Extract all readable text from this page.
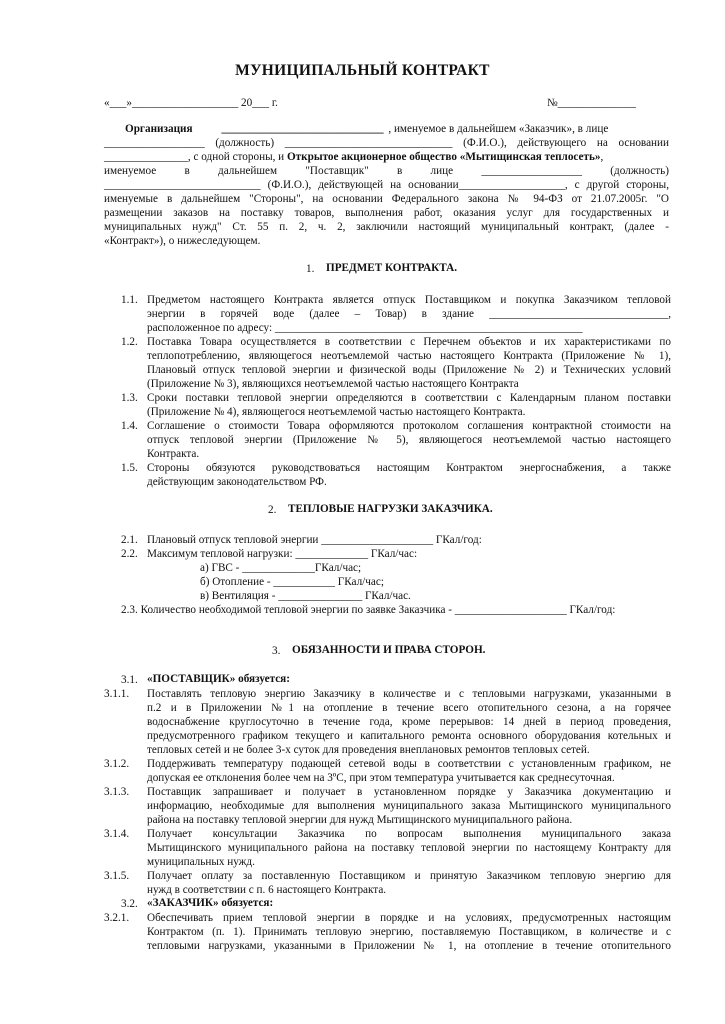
МУНИЦИПАЛЬНЫЙ КОНТРАКТ
«___»___________________ 20___ г.	№______________
Организация	_____________________________ , именуемое в дальнейшем «Заказчик», в лице
__________________ (должность) ______________________________ (Ф.И.О.), действующего на основании
_______________, с одной стороны, и Открытое акционерное общество «Мытищинская теплосеть»,
именуемое в дальнейшем "Поставщик" в лице __________________ (должность)
____________________________ (Ф.И.О.), действующей на основании___________________, с другой стороны,
именуемые в дальнейшем "Стороны", на основании Федерального закона № 94-ФЗ от 21.07.2005г. "О
размещении заказов на поставку товаров, выполнения работ, оказания услуг для государственных и
муниципальных нужд" Ст. 55 п. 2, ч. 2, заключили настоящий муниципальный контракт, (далее -
«Контракт»), о нижеследующем.
1. ПРЕДМЕТ КОНТРАКТА.
1.1. Предметом настоящего Контракта является отпуск Поставщиком и покупка Заказчиком тепловой
энергии в горячей воде (далее – Товар) в здание ________________________________,
расположенное по адресу: _______________________________________________________
1.2. Поставка Товара осуществляется в соответствии с Перечнем объектов и их характеристиками по
теплопотреблению, являющегося неотъемлемой частью настоящего Контракта (Приложение № 1),
Плановый отпуск тепловой энергии и физической воды (Приложение № 2) и Технических условий
(Приложение № 3), являющихся неотъемлемой частью настоящего Контракта
1.3. Сроки поставки тепловой энергии определяются в соответствии с Календарным планом поставки
(Приложение № 4), являющегося неотъемлемой частью настоящего Контракта.
1.4. Соглашение о стоимости Товара оформляются протоколом соглашения контрактной стоимости на
отпуск тепловой энергии (Приложение № 5), являющегося неотъемлемой частью настоящего
Контракта.
1.5. Стороны обязуются руководствоваться настоящим Контрактом энергоснабжения, а также
действующим законодательством РФ.
2. ТЕПЛОВЫЕ НАГРУЗКИ ЗАКАЗЧИКА.
2.1. Плановый отпуск тепловой энергии ____________________ ГКал/год:
2.2. Максимум тепловой нагрузки: _____________ ГКал/час:
а) ГВС - _____________ГКал/час;
б) Отопление - ___________ ГКал/час;
в) Вентиляция - _______________ ГКал/час.
2.3. Количество необходимой тепловой энергии по заявке Заказчика - ____________________ ГКал/год:
3. ОБЯЗАННОСТИ И ПРАВА СТОРОН.
3.1. «ПОСТАВЩИК» обязуется:
3.1.1. Поставлять тепловую энергию Заказчику в количестве и с тепловыми нагрузками, указанными в
п.2 и в Приложении №1 на отопление в течение всего отопительного сезона, а на горячее
водоснабжение круглосуточно в течение года, кроме перерывов: 14 дней в период проведения,
предусмотренного графиком текущего и капитального ремонта основного оборудования котельных и
тепловых сетей и не более 3-х суток для проведения внеплановых ремонтов тепловых сетей.
3.1.2. Поддерживать температуру подающей сетевой воды в соответствии с установленным графиком, не
допуская ее отклонения более чем на 3ºС, при этом температура учитывается как среднесуточная.
3.1.3. Поставщик запрашивает и получает в установленном порядке у Заказчика документацию и
информацию, необходимые для выполнения муниципального заказа Мытищинского муниципального
района на поставку тепловой энергии для нужд Мытищинского муниципального района.
3.1.4. Получает консультации Заказчика по вопросам выполнения муниципального заказа
Мытищинского муниципального района на поставку тепловой энергии по настоящему Контракту для
муниципальных нужд.
3.1.5. Получает оплату за поставленную Поставщиком и принятую Заказчиком тепловую энергию для
нужд в соответствии с п. 6 настоящего Контракта.
3.2. «ЗАКАЗЧИК» обязуется:
3.2.1. Обеспечивать прием тепловой энергии в порядке и на условиях, предусмотренных настоящим
Контрактом (п. 1). Принимать тепловую энергию, поставляемую Поставщиком, в количестве и с
тепловыми нагрузками, указанными в Приложении № 1, на отопление в течение отопительного
